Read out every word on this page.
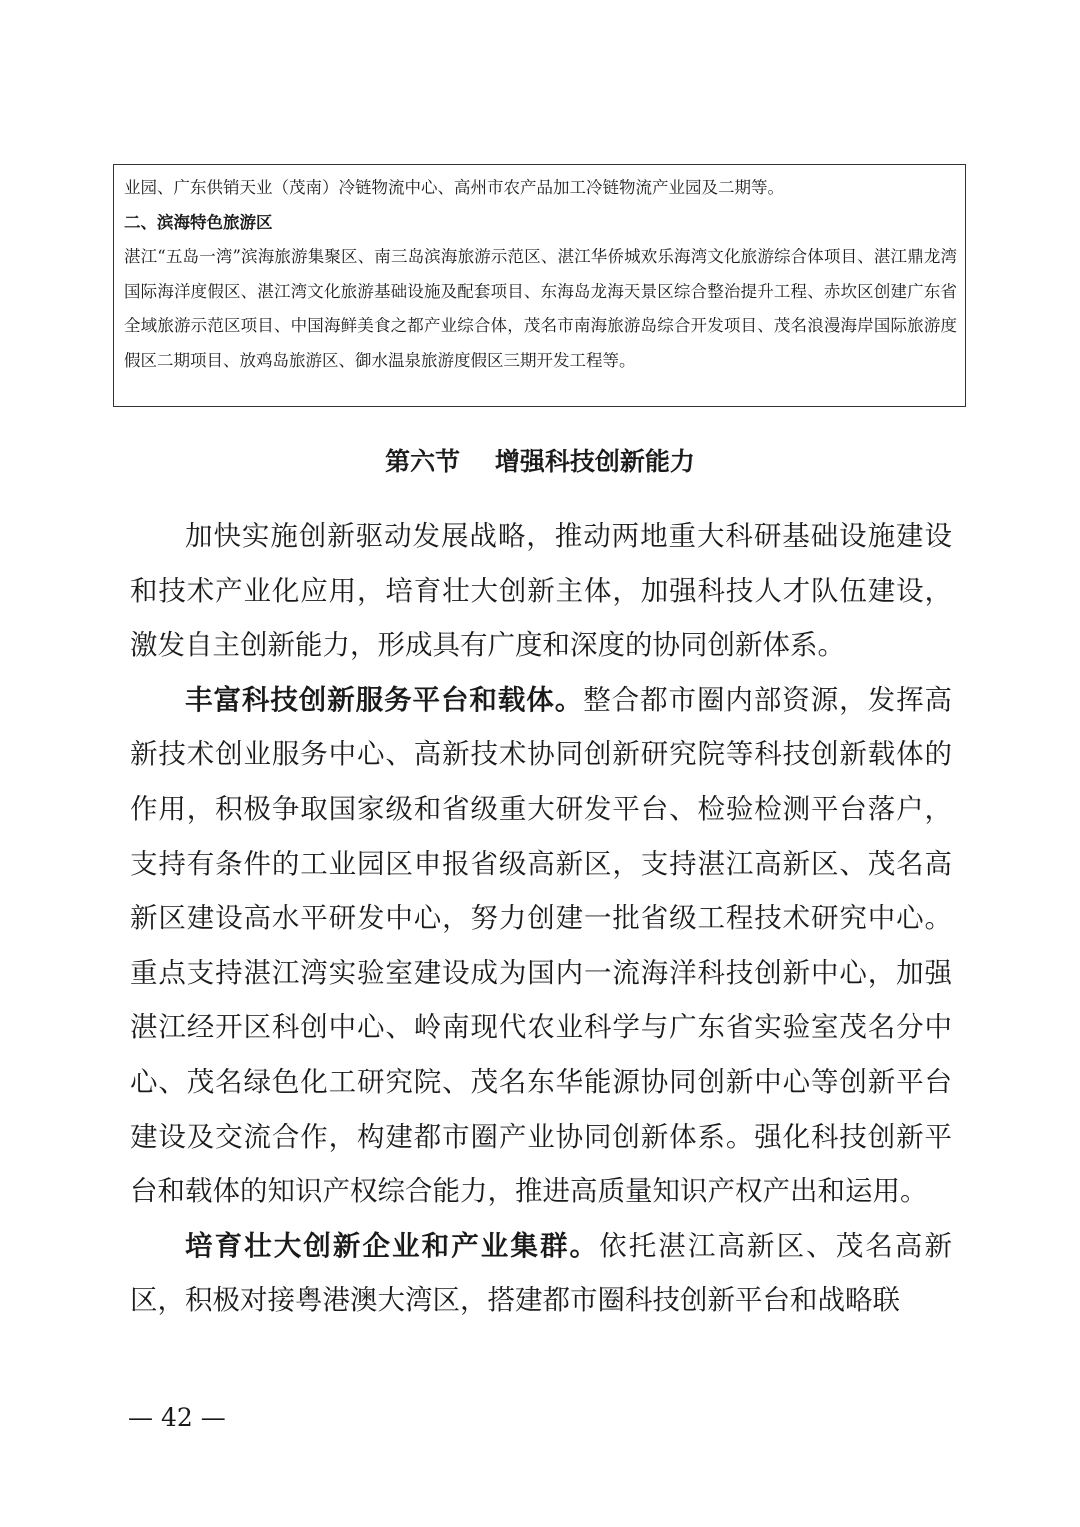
业园、广东供销天业（茂南）冷链物流中心、高州市农产品加工冷链物流产业园及二期等。

二、滨海特色旅游区

湛江“五岛一湾”滨海旅游集聚区、南三岛滨海旅游示范区、湛江华侨城欢乐海湾文化旅游综合体项目、湛江鼎龙湾国际海洋度假区、湛江湾文化旅游基础设施及配套项目、东海岛龙海天景区综合整治提升工程、赤坎区创建广东省全域旅游示范区项目、中国海鲜美食之都产业综合体，茂名市南海旅游岛综合开发项目、茂名浪漫海岸国际旅游度假区二期项目、放鸡岛旅游区、御水温泉旅游度假区三期开发工程等。

第六节    增强科技创新能力

加快实施创新驱动发展战略，推动两地重大科研基础设施建设和技术产业化应用，培育壮大创新主体，加强科技人才队伍建设，激发自主创新能力，形成具有广度和深度的协同创新体系。

丰富科技创新服务平台和载体。整合都市圈内部资源，发挥高新技术创业服务中心、高新技术协同创新研究院等科技创新载体的作用，积极争取国家级和省级重大研发平台、检验检测平台落户，支持有条件的工业园区申报省级高新区，支持湛江高新区、茂名高新区建设高水平研发中心，努力创建一批省级工程技术研究中心。重点支持湛江湾实验室建设成为国内一流海洋科技创新中心，加强湛江经开区科创中心、岭南现代农业科学与广东省实验室茂名分中心、茂名绿色化工研究院、茂名东华能源协同创新中心等创新平台建设及交流合作，构建都市圈产业协同创新体系。强化科技创新平台和载体的知识产权综合能力，推进高质量知识产权产出和运用。

培育壮大创新企业和产业集群。依托湛江高新区、茂名高新区，积极对接粤港澳大湾区，搭建都市圈科技创新平台和战略联

— 42 —
